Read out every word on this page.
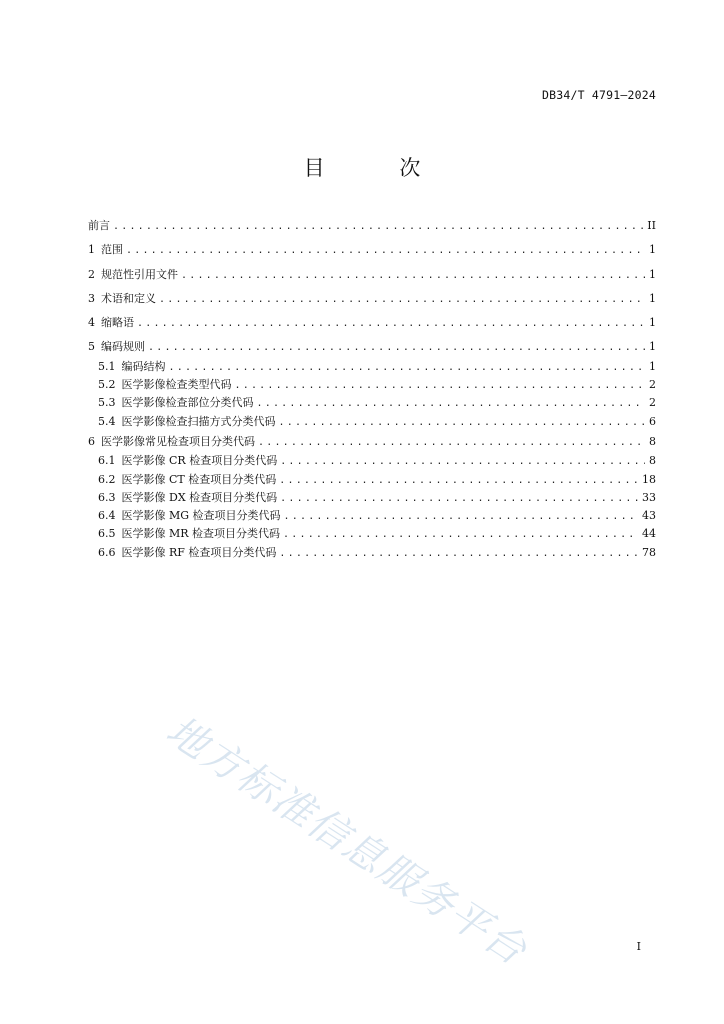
DB34/T 4791—2024
目 次
前言 .....	II
1 范围 .....	1
2 规范性引用文件 .....	1
3 术语和定义 .....	1
4 缩略语 .....	1
5 编码规则 .....	1
5.1 编码结构 .....	1
5.2 医学影像检查类型代码 .....	2
5.3 医学影像检查部位分类代码 .....	2
5.4 医学影像检查扫描方式分类代码 .....	6
6 医学影像常见检查项目分类代码 .....	8
6.1 医学影像 CR 检查项目分类代码 .....	8
6.2 医学影像 CT 检查项目分类代码 .....	18
6.3 医学影像 DX 检查项目分类代码 .....	33
6.4 医学影像 MG 检查项目分类代码 .....	43
6.5 医学影像 MR 检查项目分类代码 .....	44
6.6 医学影像 RF 检查项目分类代码 .....	78
地方标准信息服务平台	I
